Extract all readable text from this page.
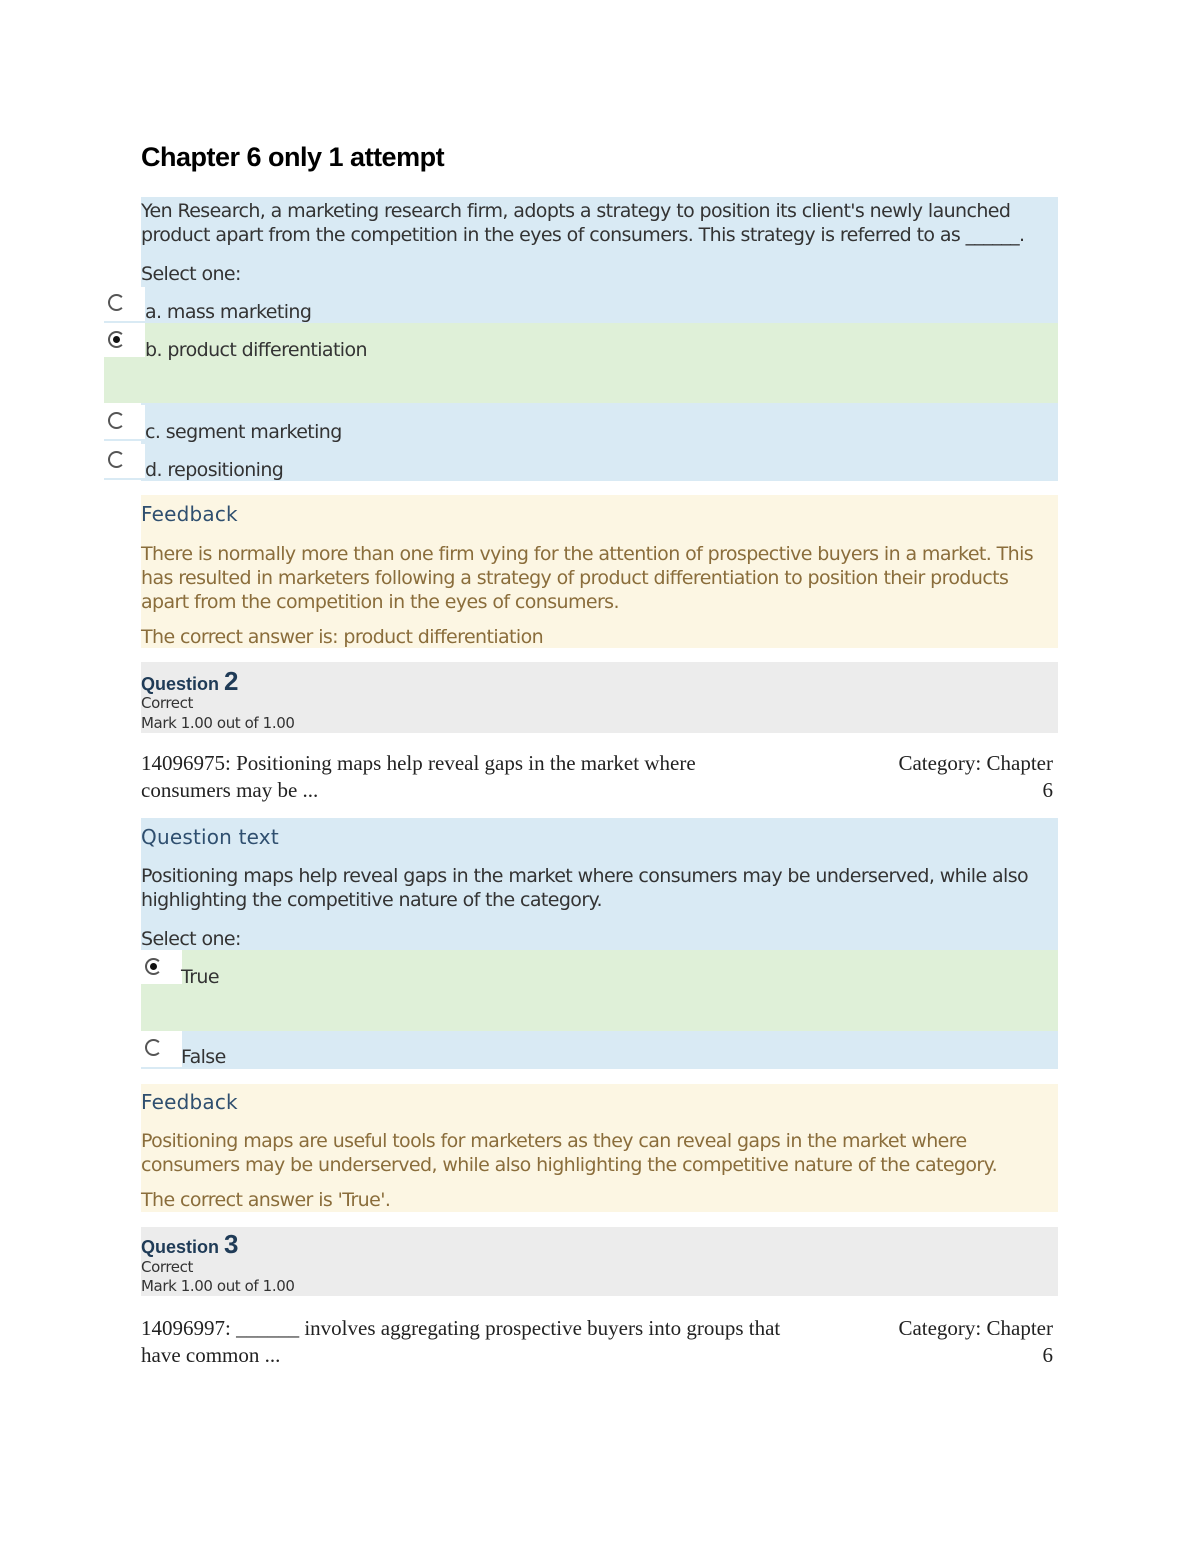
Chapter 6 only 1 attempt
Yen Research, a marketing research firm, adopts a strategy to position its client's newly launched
product apart from the competition in the eyes of consumers. This strategy is referred to as ______.
Select one:
a. mass marketing
b. product differentiation
c. segment marketing
d. repositioning
Feedback
There is normally more than one firm vying for the attention of prospective buyers in a market. This
has resulted in marketers following a strategy of product differentiation to position their products
apart from the competition in the eyes of consumers.
The correct answer is: product differentiation
Question 2
Correct
Mark 1.00 out of 1.00
14096975: Positioning maps help reveal gaps in the market where
consumers may be ...
Category: Chapter
6
Question text
Positioning maps help reveal gaps in the market where consumers may be underserved, while also
highlighting the competitive nature of the category.
Select one:
True
False
Feedback
Positioning maps are useful tools for marketers as they can reveal gaps in the market where
consumers may be underserved, while also highlighting the competitive nature of the category.
The correct answer is 'True'.
Question 3
Correct
Mark 1.00 out of 1.00
14096997: ______ involves aggregating prospective buyers into groups that
have common ...
Category: Chapter
6
